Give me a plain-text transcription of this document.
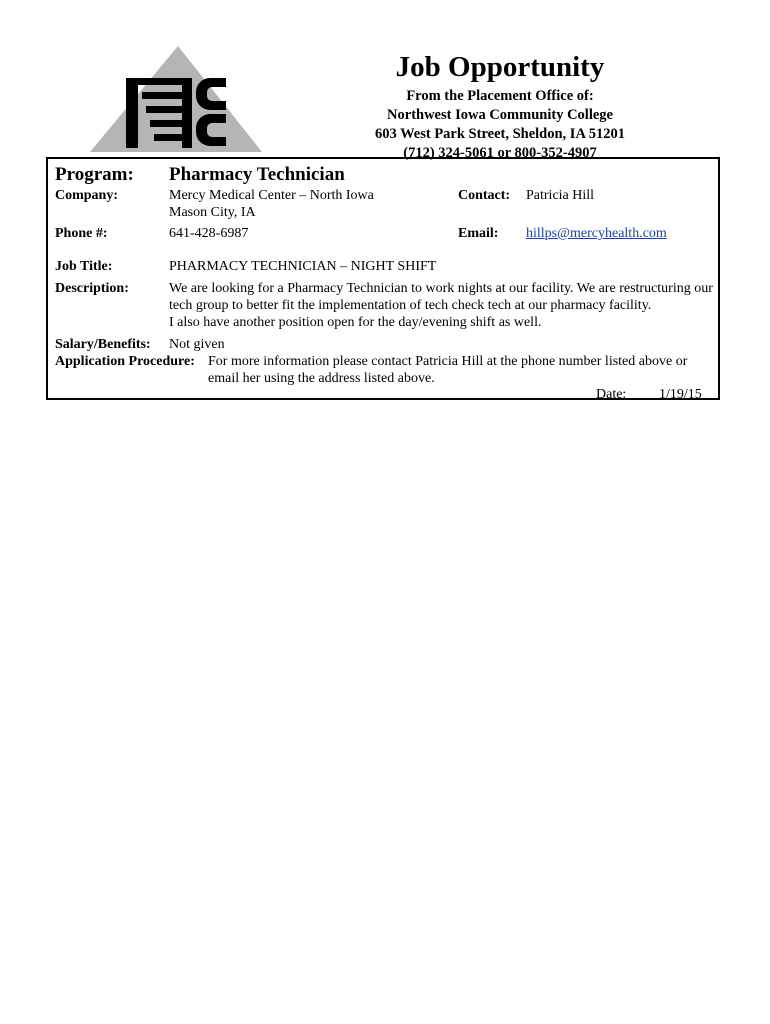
Job Opportunity
From the Placement Office of:
Northwest Iowa Community College
603 West Park Street, Sheldon, IA 51201
(712) 324-5061 or 800-352-4907
Program: Pharmacy Technician
Company:	Mercy Medical Center – North Iowa
Mason City, IA
Contact: Patricia Hill
Phone #:	641-428-6987	Email: hillps@mercyhealth.com
Job Title:	PHARMACY TECHNICIAN – NIGHT SHIFT
Description:	We are looking for a Pharmacy Technician to work nights at our facility. We are restructuring our
tech group to better fit the implementation of tech check tech at our pharmacy facility.
I also have another position open for the day/evening shift as well.
Salary/Benefits: Not given
Application Procedure: For more information please contact Patricia Hill at the phone number listed above or
email her using the address listed above.
Date: 1/19/15
